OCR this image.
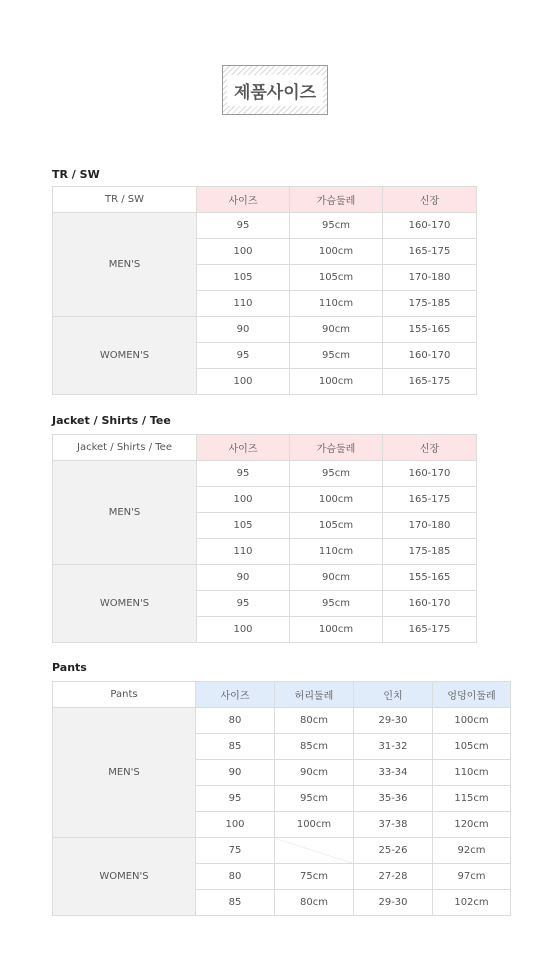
제품사이즈
TR / SW
TR / SW	사이즈	가슴둘레	신장
MEN'S	95	95cm	160-170
	100	100cm	165-175
	105	105cm	170-180
	110	110cm	175-185
WOMEN'S	90	90cm	155-165
	95	95cm	160-170
	100	100cm	165-175
Jacket / Shirts / Tee
Jacket / Shirts / Tee	사이즈	가슴둘레	신장
MEN'S	95	95cm	160-170
	100	100cm	165-175
	105	105cm	170-180
	110	110cm	175-185
WOMEN'S	90	90cm	155-165
	95	95cm	160-170
	100	100cm	165-175
Pants
Pants	사이즈	허리둘레	인치	엉덩이둘레
MEN'S	80	80cm	29-30	100cm
	85	85cm	31-32	105cm
	90	90cm	33-34	110cm
	95	95cm	35-36	115cm
	100	100cm	37-38	120cm
WOMEN'S	75		25-26	92cm
	80	75cm	27-28	97cm
	85	80cm	29-30	102cm
